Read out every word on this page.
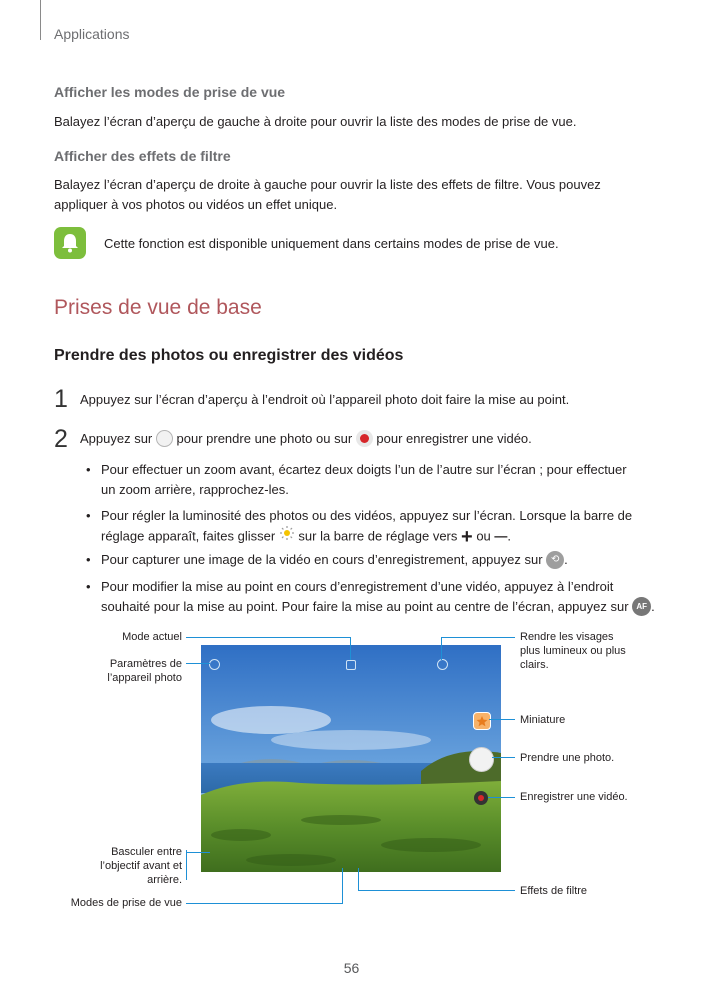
Applications
Afficher les modes de prise de vue
Balayez l’écran d’aperçu de gauche à droite pour ouvrir la liste des modes de prise de vue.
Afficher des effets de filtre
Balayez l’écran d’aperçu de droite à gauche pour ouvrir la liste des effets de filtre. Vous pouvez
appliquer à vos photos ou vidéos un effet unique.
Cette fonction est disponible uniquement dans certains modes de prise de vue.
Prises de vue de base
Prendre des photos ou enregistrer des vidéos
1 Appuyez sur l’écran d’aperçu à l’endroit où l’appareil photo doit faire la mise au point.
2 Appuyez sur pour prendre une photo ou sur pour enregistrer une vidéo.
• Pour effectuer un zoom avant, écartez deux doigts l’un de l’autre sur l’écran ; pour effectuer
un zoom arrière, rapprochez-les.
• Pour régler la luminosité des photos ou des vidéos, appuyez sur l’écran. Lorsque la barre de
réglage apparaît, faites glisser sur la barre de réglage vers + ou —.
• Pour capturer une image de la vidéo en cours d’enregistrement, appuyez sur ⟲ .
• Pour modifier la mise au point en cours d’enregistrement d’une vidéo, appuyez à l’endroit
souhaité pour la mise au point. Pour faire la mise au point au centre de l’écran, appuyez sur AF .
Mode actuel
Paramètres de
l’appareil photo
Basculer entre
l’objectif avant et
arrière.
Modes de prise de vue
Rendre les visages
plus lumineux ou plus
clairs.
Miniature
Prendre une photo.
Enregistrer une vidéo.
Effets de filtre
56
